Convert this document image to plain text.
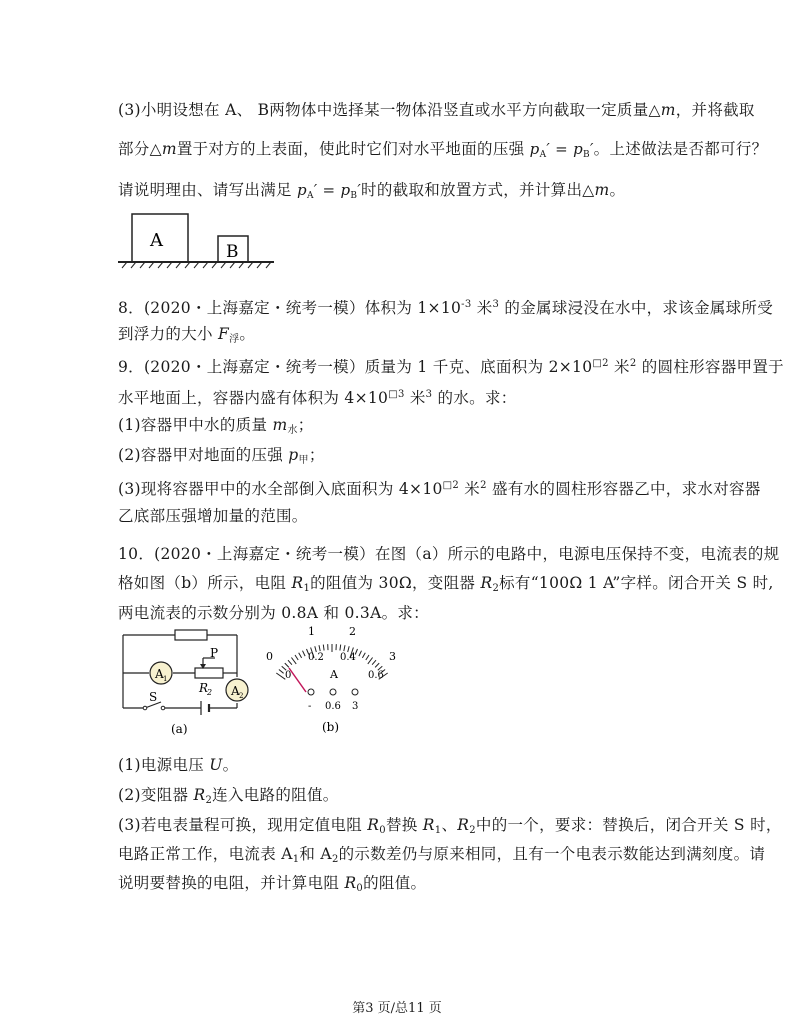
(3)小明设想在 A、 B两物体中选择某一物体沿竖直或水平方向截取一定质量△m，并将截取
部分△m置于对方的上表面，使此时它们对水平地面的压强 $p_A' = p_B'$。上述做法是否都可行？
请说明理由、请写出满足 $p_A' = p_B'$时的截取和放置方式，并计算出△m。
A
B
8．(2020・上海嘉定・统考一模）体积为 $1\times 10^{-3}$ 米$^3$ 的金属球浸没在水中，求该金属球所受
到浮力的大小 $F_浮$。
9．(2020・上海嘉定・统考一模）质量为 1 千克、底面积为 $2\times 10^{□2}$ 米$^2$ 的圆柱形容器甲置于
水平地面上，容器内盛有体积为 $4\times 10^{□3}$ 米$^3$ 的水。求：
(1)容器甲中水的质量 $m_水$；
(2)容器甲对地面的压强 $p_甲$；
(3)现将容器甲中的水全部倒入底面积为 $4\times 10^{□2}$ 米$^2$ 盛有水的圆柱形容器乙中，求水对容器
乙底部压强增加量的范围。
10．(2020・上海嘉定・统考一模）在图（a）所示的电路中，电源电压保持不变，电流表的规
格如图（b）所示，电阻 $R_1$的阻值为 30Ω，变阻器 $R_2$标有“100Ω 1 A”字样。闭合开关 S 时,
两电流表的示数分别为 0.8A 和 0.3A。求：
A 1
A 2
P
R
2
S
(a)
0
1	2
3
0
0.2 0.4
0.6
A
- 0.6 3
(b)
(1)电源电压 U。
(2)变阻器 $R_2$连入电路的阻值。
(3)若电表量程可换，现用定值电阻 $R_0$替换 $R_1$、$R_2$中的一个，要求：替换后，闭合开关 S 时，
电路正常工作，电流表 $A_1$和 $A_2$的示数差仍与原来相同，且有一个电表示数能达到满刻度。请
说明要替换的电阻，并计算电阻 $R_0$的阻值。
第3 页/总11 页
